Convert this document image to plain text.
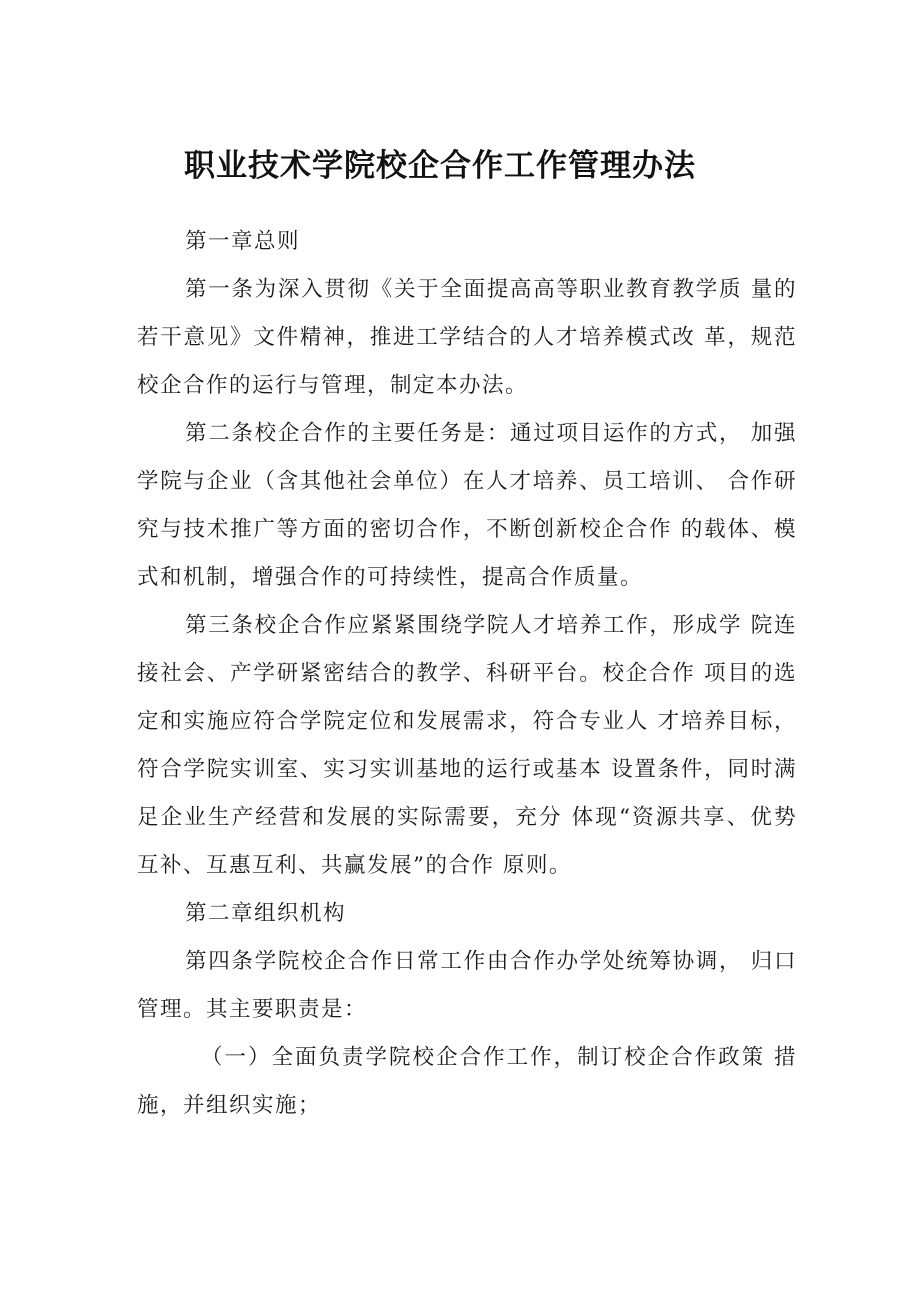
职业技术学院校企合作工作管理办法

第一章总则

第一条为深入贯彻《关于全面提高高等职业教育教学质 量的若干意见》文件精神，推进工学结合的人才培养模式改 革，规范校企合作的运行与管理，制定本办法。

第二条校企合作的主要任务是：通过项目运作的方式， 加强学院与企业（含其他社会单位）在人才培养、员工培训、 合作研究与技术推广等方面的密切合作，不断创新校企合作 的载体、模式和机制，增强合作的可持续性，提高合作质量。

第三条校企合作应紧紧围绕学院人才培养工作，形成学 院连接社会、产学研紧密结合的教学、科研平台。校企合作 项目的选定和实施应符合学院定位和发展需求，符合专业人 才培养目标，符合学院实训室、实习实训基地的运行或基本 设置条件，同时满足企业生产经营和发展的实际需要，充分 体现“资源共享、优势互补、互惠互利、共赢发展”的合作 原则。

第二章组织机构

第四条学院校企合作日常工作由合作办学处统筹协调， 归口管理。其主要职责是：

（一）全面负责学院校企合作工作，制订校企合作政策 措施，并组织实施；
